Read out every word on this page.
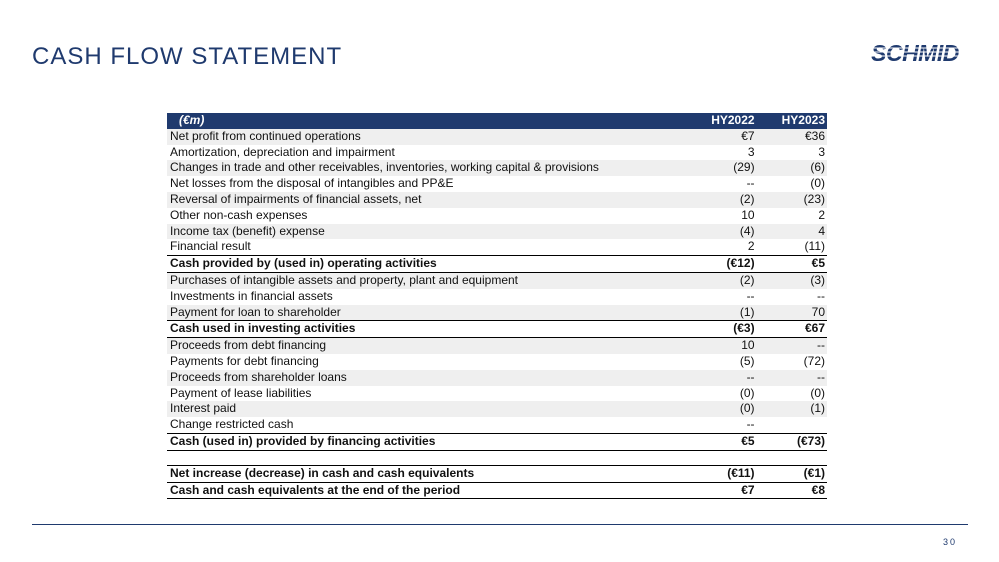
CASH FLOW STATEMENT	SCHMID
(€m)	HY2022	HY2023
Net profit from continued operations	€7	€36
Amortization, depreciation and impairment	3	3
Changes in trade and other receivables, inventories, working capital & provisions	(29)	(6)
Net losses from the disposal of intangibles and PP&E	--	(0)
Reversal of impairments of financial assets, net	(2)	(23)
Other non-cash expenses	10	2
Income tax (benefit) expense	(4)	4
Financial result	2	(11)
Cash provided by (used in) operating activities	(€12)	€5
Purchases of intangible assets and property, plant and equipment	(2)	(3)
Investments in financial assets	--	--
Payment for loan to shareholder	(1)	70
Cash used in investing activities	(€3)	€67
Proceeds from debt financing	10	--
Payments for debt financing	(5)	(72)
Proceeds from shareholder loans	--	--
Payment of lease liabilities	(0)	(0)
Interest paid	(0)	(1)
Change restricted cash	--	
Cash (used in) provided by financing activities	€5	(€73)

Net increase (decrease) in cash and cash equivalents	(€11)	(€1)
Cash and cash equivalents at the end of the period	€7	€8
30
